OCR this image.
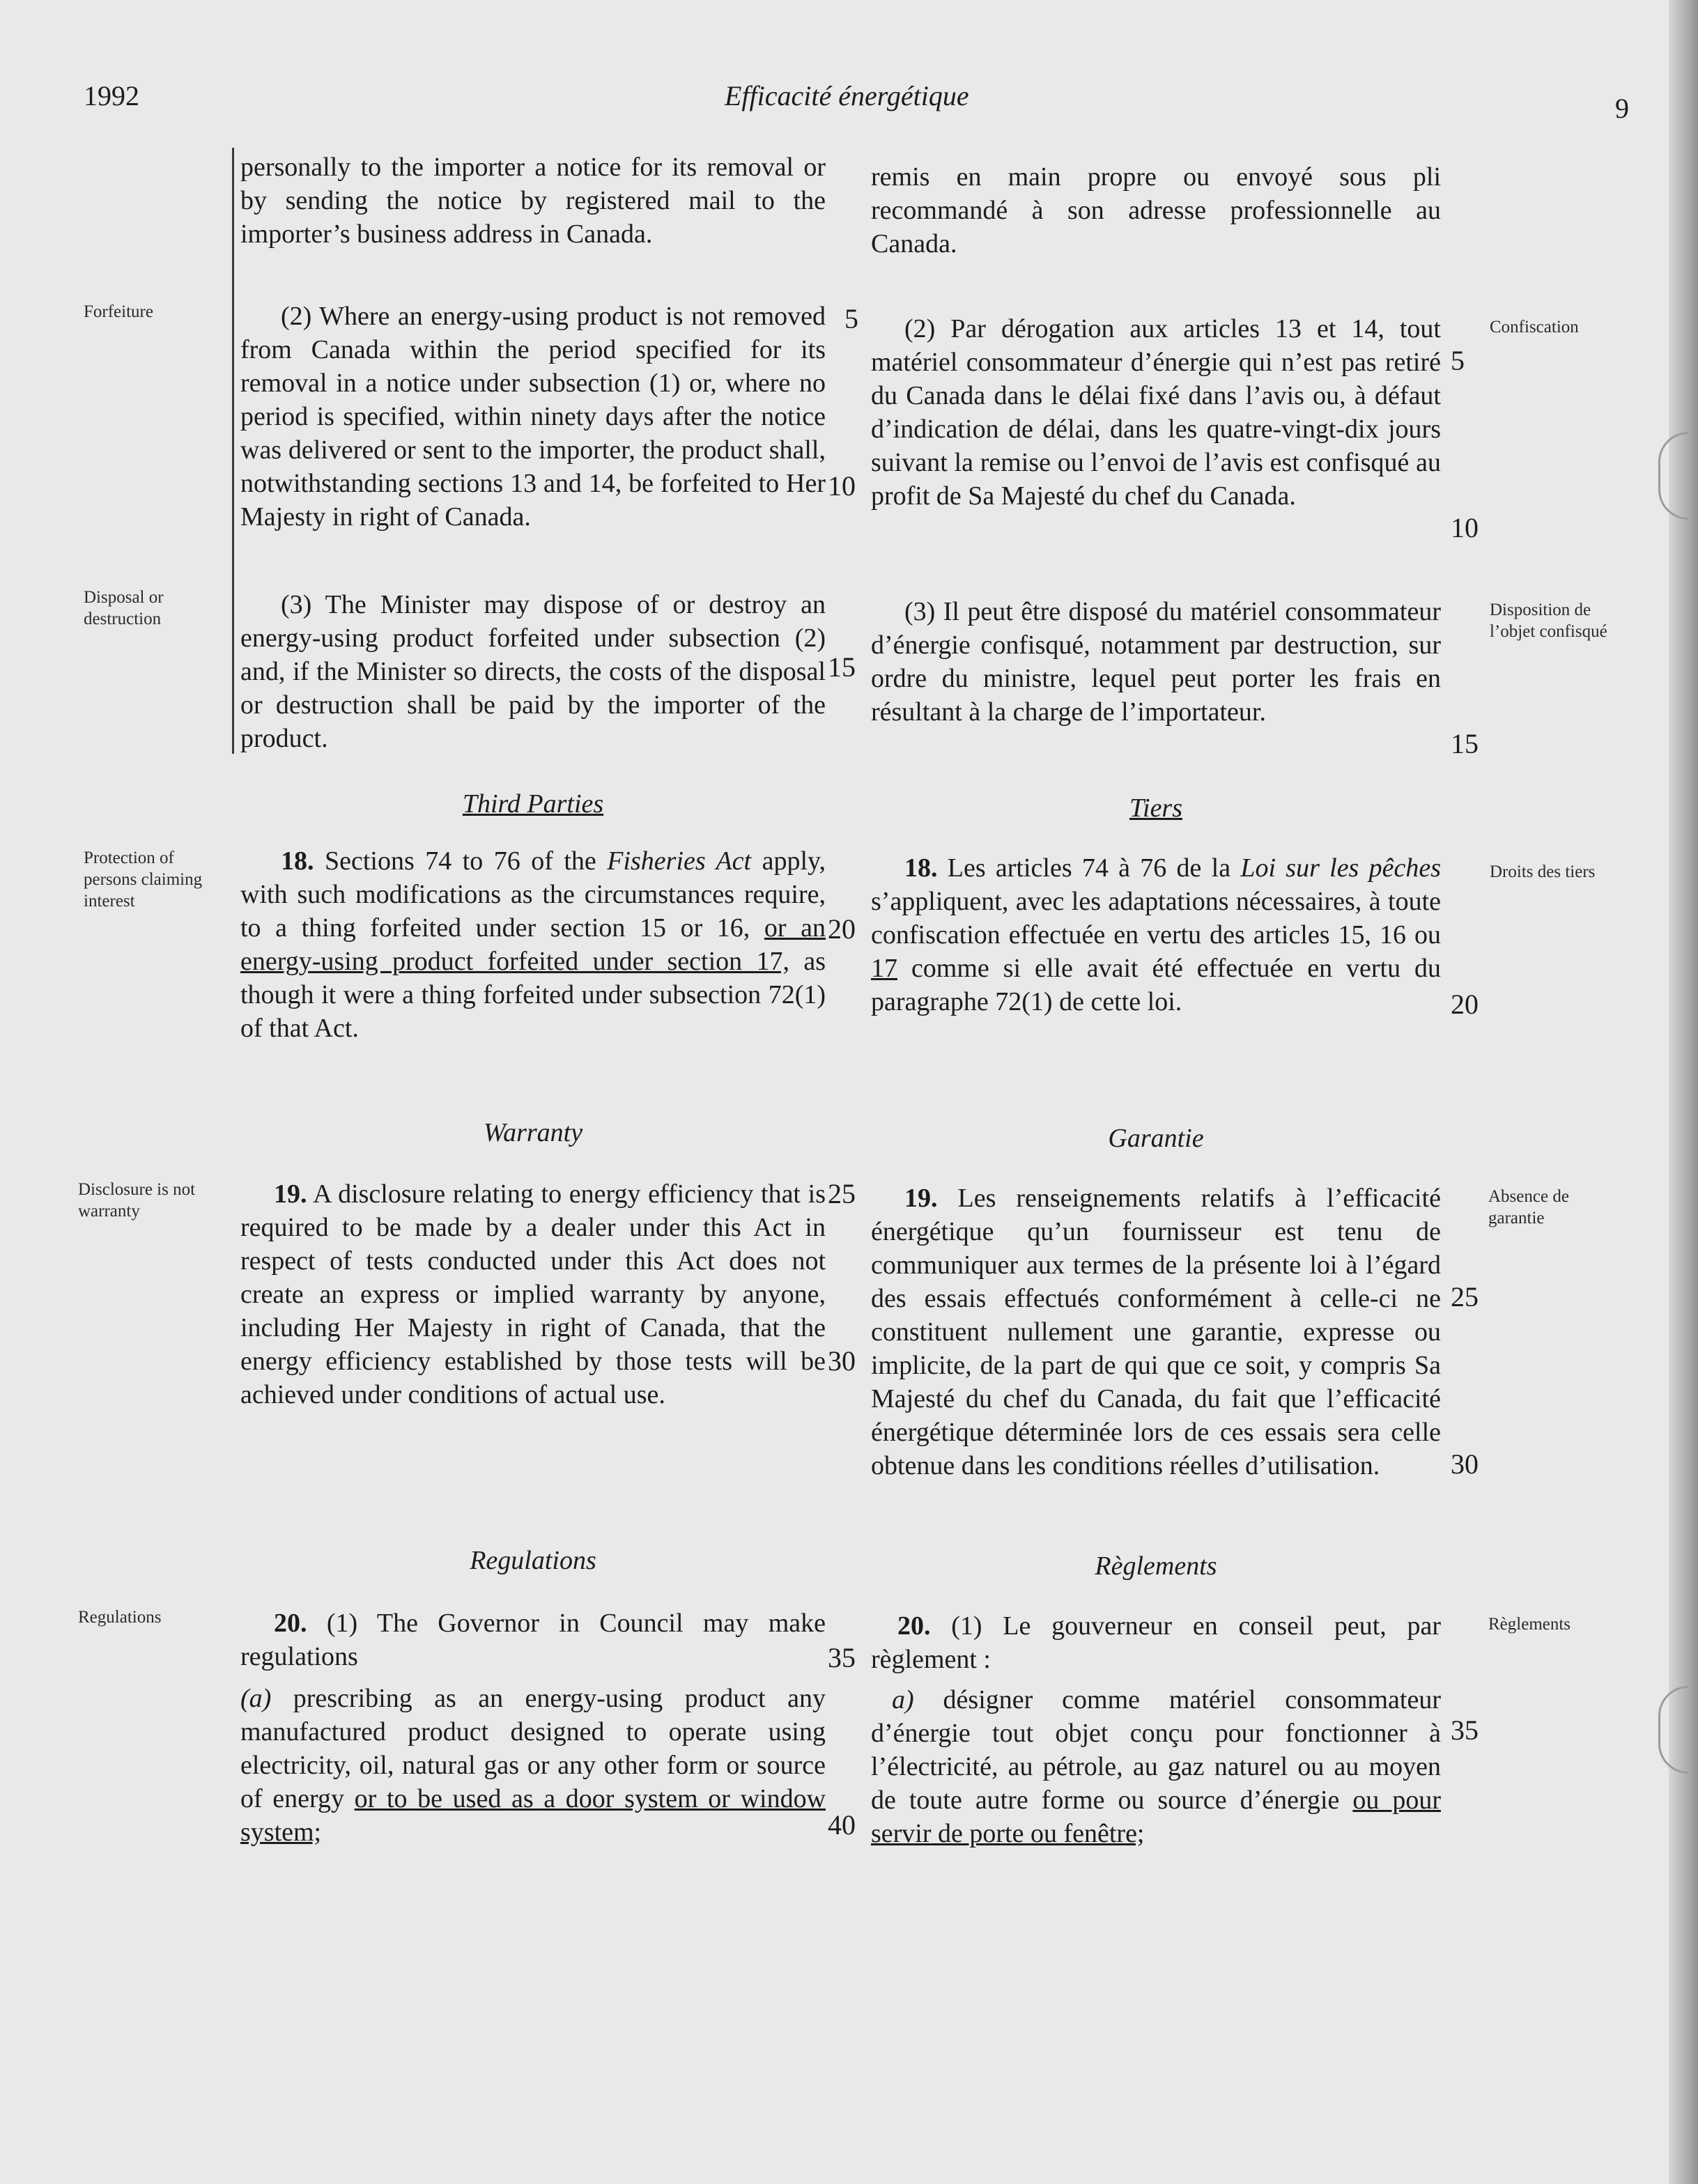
1992	Efficacité énergétique	9
Forfeiture
Disposal or destruction
Protection of persons claiming interest
Disclosure is not warranty
Regulations
Confiscation
Disposition de l’objet confisqué
Droits des tiers
Absence de garantie
Règlements
personally to the importer a notice for its removal or by sending the notice by registered mail to the importer’s business address in Canada.
(2) Where an energy-using product is not removed from Canada within the period specified for its removal in a notice under subsection (1) or, where no period is specified, within ninety days after the notice was delivered or sent to the importer, the product shall, notwithstanding sections 13 and 14, be forfeited to Her Majesty in right of Canada.
(3) The Minister may dispose of or destroy an energy-using product forfeited under subsection (2) and, if the Minister so directs, the costs of the disposal or destruction shall be paid by the importer of the product.
Third Parties
18. Sections 74 to 76 of the Fisheries Act apply, with such modifications as the circumstances require, to a thing forfeited under section 15 or 16, or an energy-using product forfeited under section 17, as though it were a thing forfeited under subsection 72(1) of that Act.
Warranty
19. A disclosure relating to energy efficiency that is required to be made by a dealer under this Act in respect of tests conducted under this Act does not create an express or implied warranty by anyone, including Her Majesty in right of Canada, that the energy efficiency established by those tests will be achieved under conditions of actual use.
Regulations
20. (1) The Governor in Council may make regulations
(a) prescribing as an energy-using product any manufactured product designed to operate using electricity, oil, natural gas or any other form or source of energy or to be used as a door system or window system;
remis en main propre ou envoyé sous pli recommandé à son adresse professionnelle au Canada.
(2) Par dérogation aux articles 13 et 14, tout matériel consommateur d’énergie qui n’est pas retiré du Canada dans le délai fixé dans l’avis ou, à défaut d’indication de délai, dans les quatre-vingt-dix jours suivant la remise ou l’envoi de l’avis est confisqué au profit de Sa Majesté du chef du Canada.
(3) Il peut être disposé du matériel consommateur d’énergie confisqué, notamment par destruction, sur ordre du ministre, lequel peut porter les frais en résultant à la charge de l’importateur.
Tiers
18. Les articles 74 à 76 de la Loi sur les pêches s’appliquent, avec les adaptations nécessaires, à toute confiscation effectuée en vertu des articles 15, 16 ou 17 comme si elle avait été effectuée en vertu du paragraphe 72(1) de cette loi.
Garantie
19. Les renseignements relatifs à l’efficacité énergétique qu’un fournisseur est tenu de communiquer aux termes de la présente loi à l’égard des essais effectués conformément à celle-ci ne constituent nullement une garantie, expresse ou implicite, de la part de qui que ce soit, y compris Sa Majesté du chef du Canada, du fait que l’efficacité énergétique déterminée lors de ces essais sera celle obtenue dans les conditions réelles d’utilisation.
Règlements
20. (1) Le gouverneur en conseil peut, par règlement :
a) désigner comme matériel consommateur d’énergie tout objet conçu pour fonctionner à l’électricité, au pétrole, au gaz naturel ou au moyen de toute autre forme ou source d’énergie ou pour servir de porte ou fenêtre;
5
10
15
20
25
30
35
40
5
10
15
20
25
30
35
